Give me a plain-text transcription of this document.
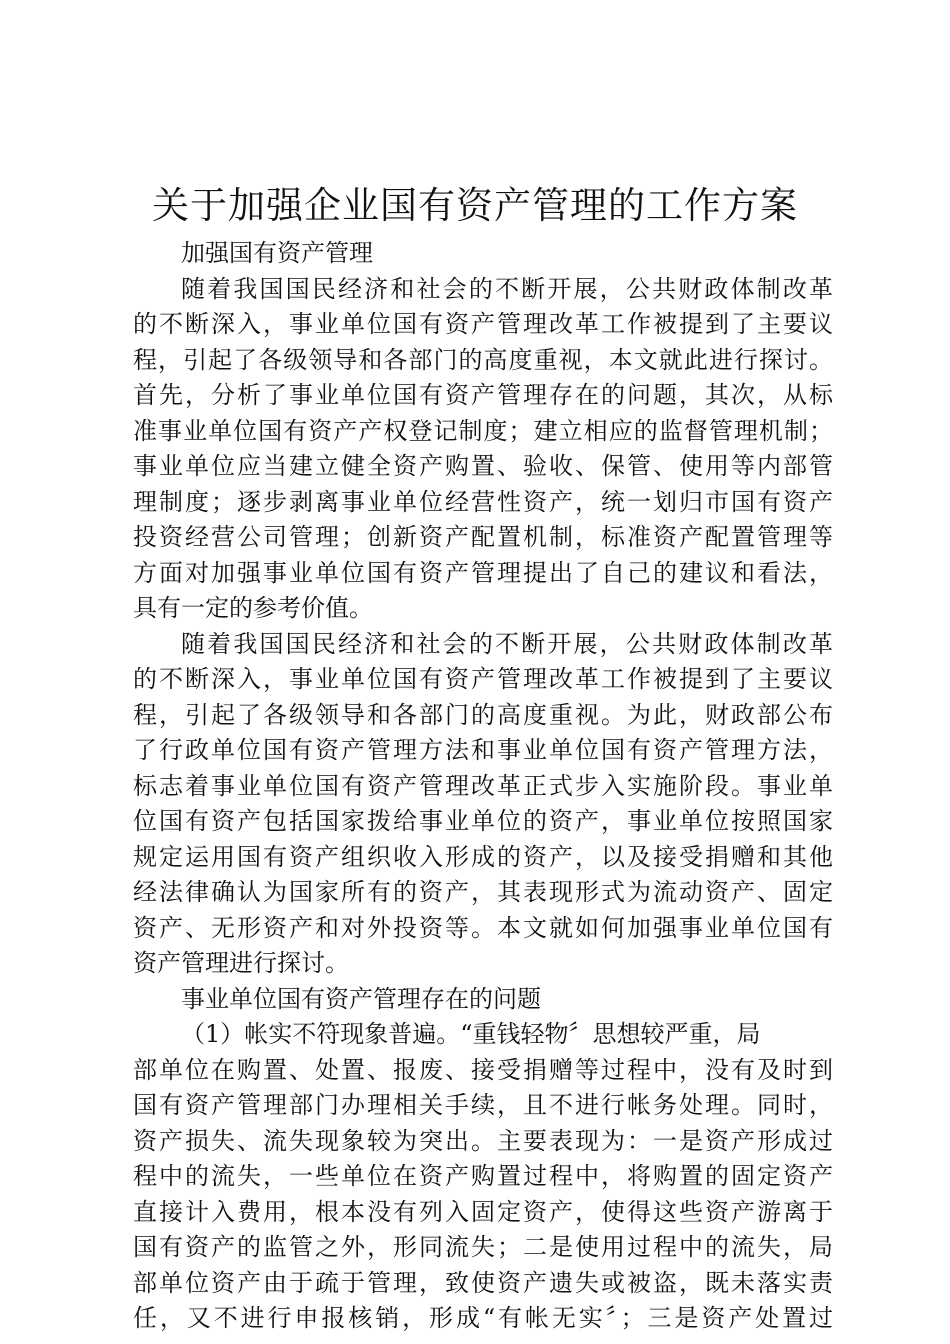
关于加强企业国有资产管理的工作方案
加强国有资产管理
随着我国国民经济和社会的不断开展，公共财政体制改革
的不断深入，事业单位国有资产管理改革工作被提到了主要议
程，引起了各级领导和各部门的高度重视，本文就此进行探讨。
首先，分析了事业单位国有资产管理存在的问题，其次，从标
准事业单位国有资产产权登记制度；建立相应的监督管理机制；
事业单位应当建立健全资产购置、验收、保管、使用等内部管
理制度；逐步剥离事业单位经营性资产，统一划归市国有资产
投资经营公司管理；创新资产配置机制，标准资产配置管理等
方面对加强事业单位国有资产管理提出了自己的建议和看法，
具有一定的参考价值。
随着我国国民经济和社会的不断开展，公共财政体制改革
的不断深入，事业单位国有资产管理改革工作被提到了主要议
程，引起了各级领导和各部门的高度重视。为此，财政部公布
了行政单位国有资产管理方法和事业单位国有资产管理方法，
标志着事业单位国有资产管理改革正式步入实施阶段。事业单
位国有资产包括国家拨给事业单位的资产，事业单位按照国家
规定运用国有资产组织收入形成的资产，以及接受捐赠和其他
经法律确认为国家所有的资产，其表现形式为流动资产、固定
资产、无形资产和对外投资等。本文就如何加强事业单位国有
资产管理进行探讨。
事业单位国有资产管理存在的问题
（1）帐实不符现象普遍。“重钱轻物〞思想较严重，局
部单位在购置、处置、报废、接受捐赠等过程中，没有及时到
国有资产管理部门办理相关手续，且不进行帐务处理。同时，
资产损失、流失现象较为突出。主要表现为：一是资产形成过
程中的流失，一些单位在资产购置过程中，将购置的固定资产
直接计入费用，根本没有列入固定资产，使得这些资产游离于
国有资产的监管之外，形同流失；二是使用过程中的流失，局
部单位资产由于疏于管理，致使资产遗失或被盗，既未落实责
任，又不进行申报核销，形成“有帐无实〞；三是资产处置过
